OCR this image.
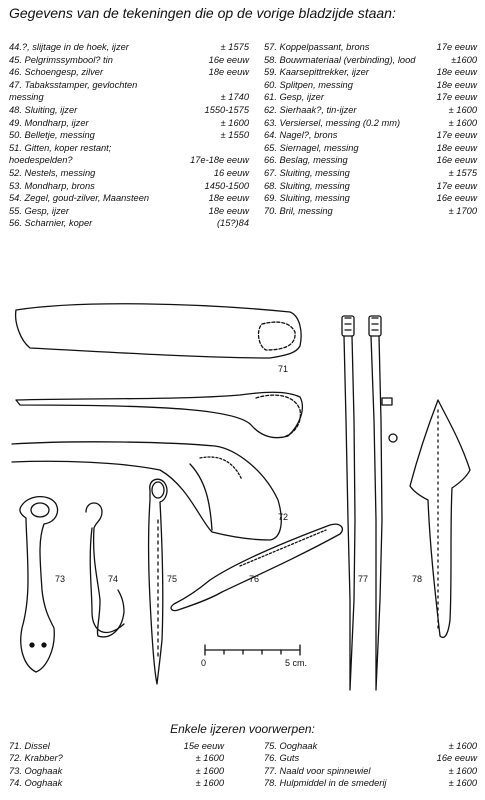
Gegevens van de tekeningen die op de vorige bladzijde staan:
44.?, slijtage in de hoek, ijzer	± 1575
45. Pelgrimssymbool? tin	16e eeuw
46. Schoengesp, zilver	18e eeuw
47. Tabaksstamper, gevlochten
messing	± 1740
48. Sluiting, ijzer	1550-1575
49. Mondharp, ijzer	± 1600
50. Belletje, messing	± 1550
51. Gitten, koper restant;
hoedespelden?	17e-18e eeuw
52. Nestels, messing	16 eeuw
53. Mondharp, brons	1450-1500
54. Zegel, goud-zilver, Maansteen	18e eeuw
55. Gesp, ijzer	18e eeuw
56. Scharnier, koper	(15?)84
57. Koppelpassant, brons	17e eeuw
58. Bouwmateriaal (verbinding), lood	±1600
59. Kaarsepittrekker, ijzer	18e eeuw
60. Splitpen, messing	18e eeuw
61. Gesp, ijzer	17e eeuw
62. Sierhaak?, tin-ijzer	± 1600
63. Versiersel, messing (0.2 mm)	± 1600
64. Nagel?, brons	17e eeuw
65. Siernagel, messing	18e eeuw
66. Beslag, messing	16e eeuw
67. Sluiting, messing	± 1575
68. Sluiting, messing	17e eeuw
69. Sluiting, messing	16e eeuw
70. Bril, messing	± 1700
71
72
73	74	75	76	77	78
0	5 cm.
Enkele ijzeren voorwerpen:
71. Dissel	15e eeuw
72. Krabber?	± 1600
73. Ooghaak	± 1600
74. Ooghaak	± 1600
75. Ooghaak	± 1600
76. Guts	16e eeuw
77. Naald voor spinnewiel	± 1600
78. Hulpmiddel in de smederij	± 1600
